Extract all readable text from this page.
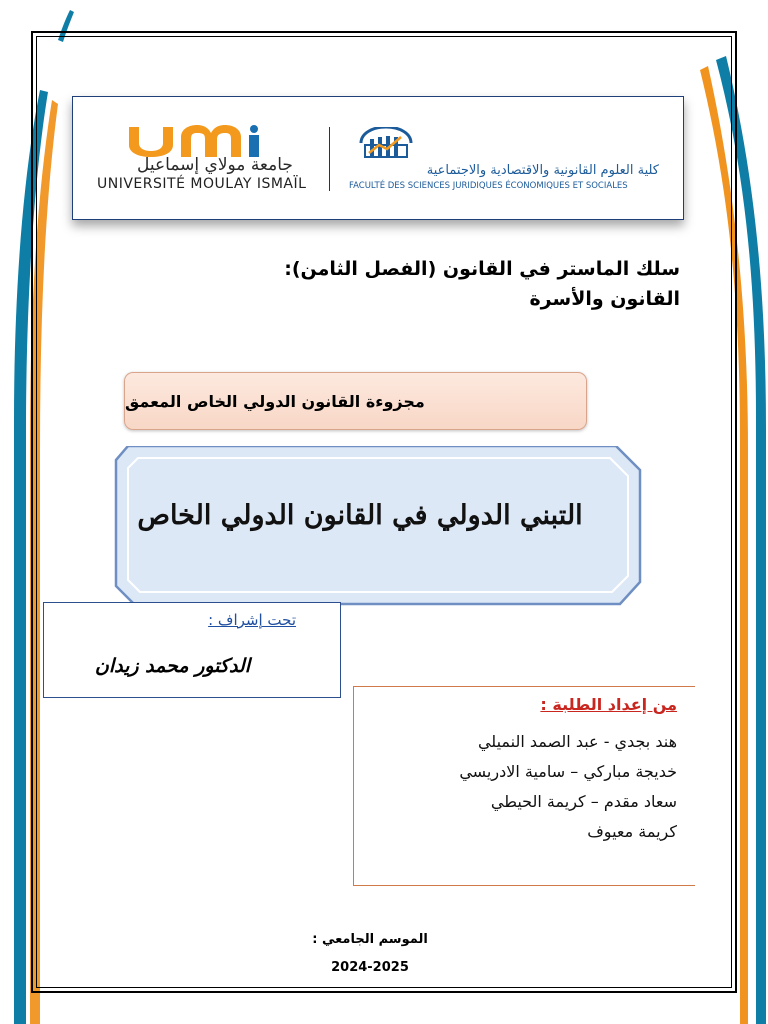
جامعة مولاي إسماعيل
UNIVERSITÉ MOULAY ISMAÏL
كلية العلوم القانونية والاقتصادية والاجتماعية
FACULTÉ DES SCIENCES JURIDIQUES ÉCONOMIQUES ET SOCIALES
سلك الماستر في القانون (الفصل الثامن):
القانون والأسرة
مجزوءة القانون الدولي الخاص المعمق
التبني الدولي في القانون الدولي الخاص
تحت إشراف :
الدكتور محمد زيدان
من إعداد الطلبة :
هند بجدي - عبد الصمد النميلي
خديجة مباركي – سامية الادريسي
سعاد مقدم – كريمة الحيطي
كريمة معيوف
الموسم الجامعي :
2024-2025
